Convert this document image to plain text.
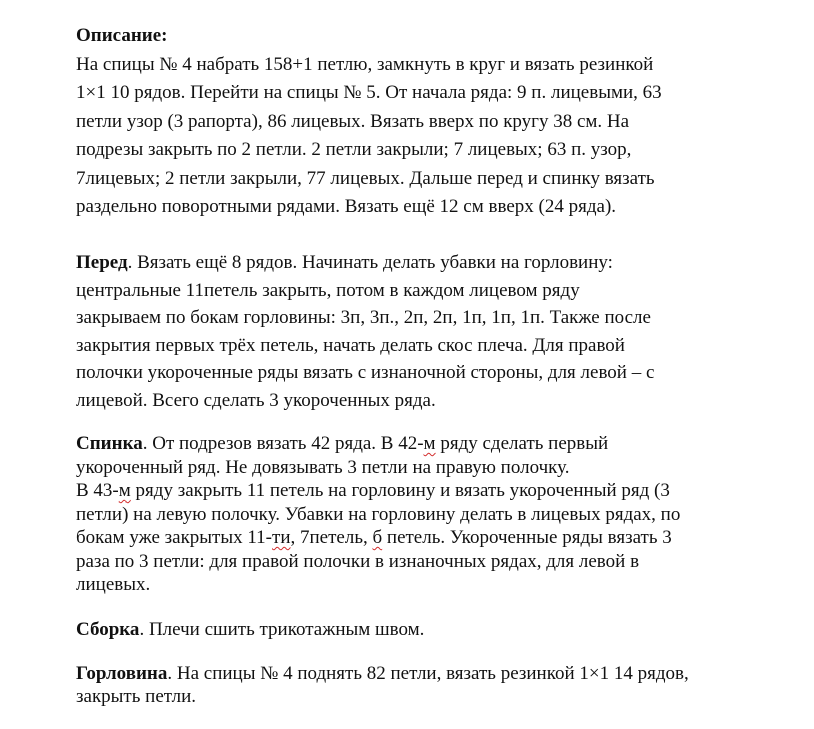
Описание:
На спицы № 4 набрать 158+1 петлю, замкнуть в круг и вязать резинкой
1×1 10 рядов. Перейти на спицы № 5. От начала ряда: 9 п. лицевыми, 63
петли узор (3 рапорта), 86 лицевых. Вязать вверх по кругу 38 см. На
подрезы закрыть по 2 петли. 2 петли закрыли; 7 лицевых; 63 п. узор,
7лицевых; 2 петли закрыли, 77 лицевых. Дальше перед и спинку вязать
раздельно поворотными рядами. Вязать ещё 12 см вверх (24 ряда).
Перед. Вязать ещё 8 рядов. Начинать делать убавки на горловину:
центральные 11петель закрыть, потом в каждом лицевом ряду
закрываем по бокам горловины: 3п, 3п., 2п, 2п, 1п, 1п, 1п. Также после
закрытия первых трёх петель, начать делать скос плеча. Для правой
полочки укороченные ряды вязать с изнаночной стороны, для левой – с
лицевой. Всего сделать 3 укороченных ряда.
Спинка. От подрезов вязать 42 ряда. В 42-м ряду сделать первый
укороченный ряд. Не довязывать 3 петли на правую полочку.
В 43-м ряду закрыть 11 петель на горловину и вязать укороченный ряд (3
петли) на левую полочку. Убавки на горловину делать в лицевых рядах, по
бокам уже закрытых 11-ти, 7петель, б петель. Укороченные ряды вязать 3
раза по 3 петли: для правой полочки в изнаночных рядах, для левой в
лицевых.
Сборка. Плечи сшить трикотажным швом.
Горловина. На спицы № 4 поднять 82 петли, вязать резинкой 1×1 14 рядов,
закрыть петли.
